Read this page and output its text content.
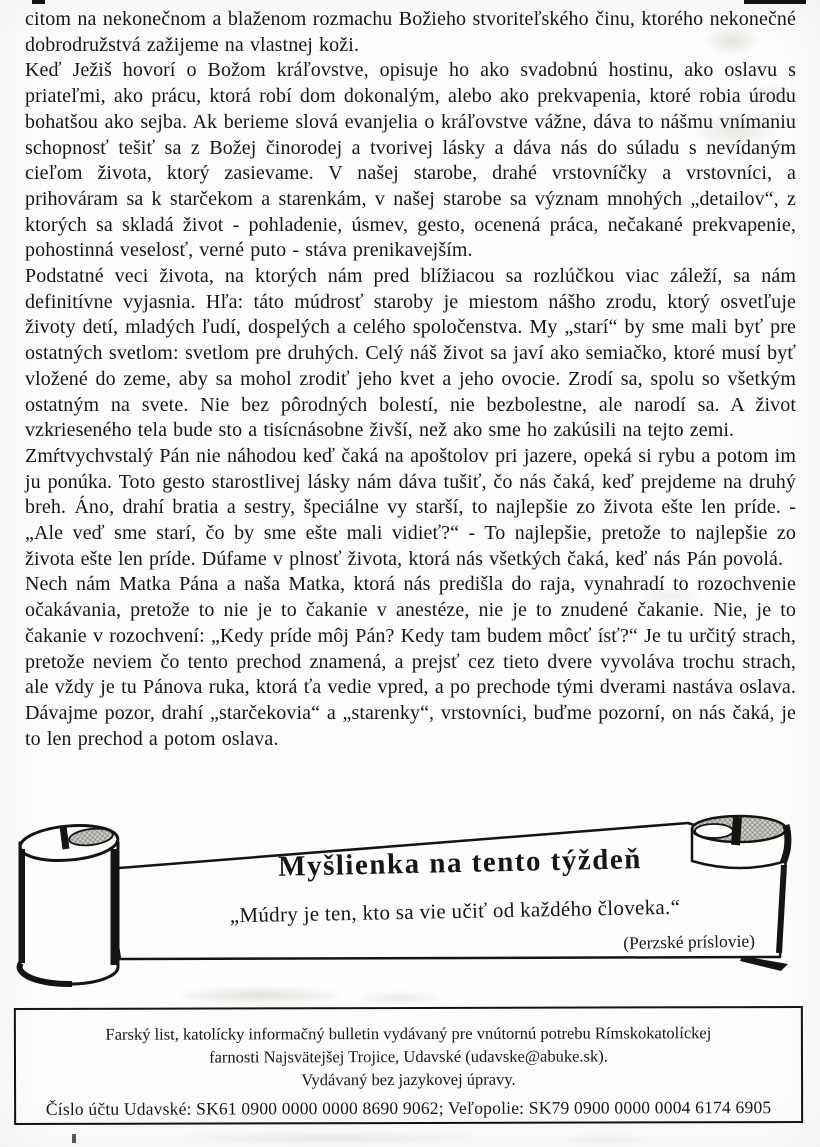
citom na nekonečnom a blaženom rozmachu Božieho stvoriteľského činu, ktorého nekonečné dobrodružstvá zažijeme na vlastnej koži.

Keď Ježiš hovorí o Božom kráľovstve, opisuje ho ako svadobnú hostinu, ako oslavu s priateľmi, ako prácu, ktorá robí dom dokonalým, alebo ako prekvapenia, ktoré robia úrodu bohatšou ako sejba. Ak berieme slová evanjelia o kráľovstve vážne, dáva to nášmu vnímaniu schopnosť tešiť sa z Božej činorodej a tvorivej lásky a dáva nás do súladu s nevídaným cieľom života, ktorý zasievame. V našej starobe, drahé vrstovníčky a vrstovníci, a prihováram sa k starčekom a starenkám, v našej starobe sa význam mnohých „detailov“, z ktorých sa skladá život - pohladenie, úsmev, gesto, ocenená práca, nečakané prekvapenie, pohostinná veselosť, verné puto - stáva prenikavejším.

Podstatné veci života, na ktorých nám pred blížiacou sa rozlúčkou viac záleží, sa nám definitívne vyjasnia. Hľa: táto múdrosť staroby je miestom nášho zrodu, ktorý osvetľuje životy detí, mladých ľudí, dospelých a celého spoločenstva. My „starí“ by sme mali byť pre ostatných svetlom: svetlom pre druhých. Celý náš život sa javí ako semiačko, ktoré musí byť vložené do zeme, aby sa mohol zrodiť jeho kvet a jeho ovocie. Zrodí sa, spolu so všetkým ostatným na svete. Nie bez pôrodných bolestí, nie bezbolestne, ale narodí sa. A život vzkrieseného tela bude sto a tisícnásobne živší, než ako sme ho zakúsili na tejto zemi.

Zmŕtvychvstalý Pán nie náhodou keď čaká na apoštolov pri jazere, opeká si rybu a potom im ju ponúka. Toto gesto starostlivej lásky nám dáva tušiť, čo nás čaká, keď prejdeme na druhý breh. Áno, drahí bratia a sestry, špeciálne vy starší, to najlepšie zo života ešte len príde. - „Ale veď sme starí, čo by sme ešte mali vidieť?“ - To najlepšie, pretože to najlepšie zo života ešte len príde. Dúfame v plnosť života, ktorá nás všetkých čaká, keď nás Pán povolá.

Nech nám Matka Pána a naša Matka, ktorá nás predišla do raja, vynahradí to rozochvenie očakávania, pretože to nie je to čakanie v anestéze, nie je to znudené čakanie. Nie, je to čakanie v rozochvení: „Kedy príde môj Pán? Kedy tam budem môcť ísť?“ Je tu určitý strach, pretože neviem čo tento prechod znamená, a prejsť cez tieto dvere vyvoláva trochu strach, ale vždy je tu Pánova ruka, ktorá ťa vedie vpred, a po prechode tými dverami nastáva oslava. Dávajme pozor, drahí „starčekovia“ a „starenky“, vrstovníci, buďme pozorní, on nás čaká, je to len prechod a potom oslava.

Myšlienka na tento týždeň
„Múdry je ten, kto sa vie učiť od každého človeka.“
(Perzské príslovie)

Farský list, katolícky informačný bulletin vydávaný pre vnútornú potrebu Rímskokatolíckej

farnosti Najsvätejšej Trojice, Udavské (udavske@abuke.sk).

Vydávaný bez jazykovej úpravy.

Číslo účtu Udavské: SK61 0900 0000 0000 8690 9062; Veľopolie: SK79 0900 0000 0004 6174 6905
